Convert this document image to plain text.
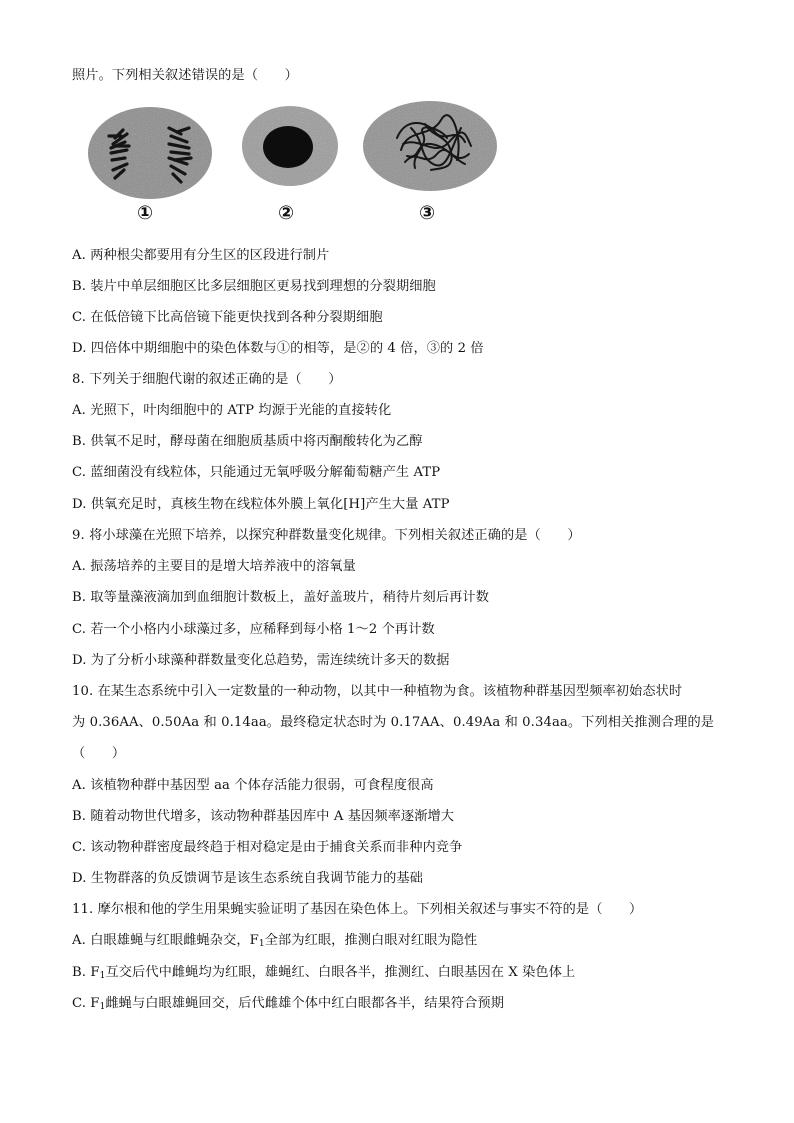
照片。下列相关叙述错误的是（　　）
①	②	③
A. 两种根尖都要用有分生区的区段进行制片
B. 装片中单层细胞区比多层细胞区更易找到理想的分裂期细胞
C. 在低倍镜下比高倍镜下能更快找到各种分裂期细胞
D. 四倍体中期细胞中的染色体数与①的相等，是②的 4 倍，③的 2 倍
8. 下列关于细胞代谢的叙述正确的是（　　）
A. 光照下，叶肉细胞中的 ATP 均源于光能的直接转化
B. 供氧不足时，酵母菌在细胞质基质中将丙酮酸转化为乙醇
C. 蓝细菌没有线粒体，只能通过无氧呼吸分解葡萄糖产生 ATP
D. 供氧充足时，真核生物在线粒体外膜上氧化[H]产生大量 ATP
9. 将小球藻在光照下培养，以探究种群数量变化规律。下列相关叙述正确的是（　　）
A. 振荡培养的主要目的是增大培养液中的溶氧量
B. 取等量藻液滴加到血细胞计数板上，盖好盖玻片，稍待片刻后再计数
C. 若一个小格内小球藻过多，应稀释到每小格 1～2 个再计数
D. 为了分析小球藻种群数量变化总趋势，需连续统计多天的数据
10. 在某生态系统中引入一定数量的一种动物，以其中一种植物为食。该植物种群基因型频率初始态状时
为 0.36AA、0.50Aa 和 0.14aa。最终稳定状态时为 0.17AA、0.49Aa 和 0.34aa。下列相关推测合理的是
（　　）
A. 该植物种群中基因型 aa 个体存活能力很弱，可食程度很高
B. 随着动物世代增多，该动物种群基因库中 A 基因频率逐渐增大
C. 该动物种群密度最终趋于相对稳定是由于捕食关系而非种内竞争
D. 生物群落的负反馈调节是该生态系统自我调节能力的基础
11. 摩尔根和他的学生用果蝇实验证明了基因在染色体上。下列相关叙述与事实不符的是（　　）
A. 白眼雄蝇与红眼雌蝇杂交，$F_1$全部为红眼，推测白眼对红眼为隐性
B. $F_1$互交后代中雌蝇均为红眼，雄蝇红、白眼各半，推测红、白眼基因在 X 染色体上
C. $F_1$雌蝇与白眼雄蝇回交，后代雌雄个体中红白眼都各半，结果符合预期
